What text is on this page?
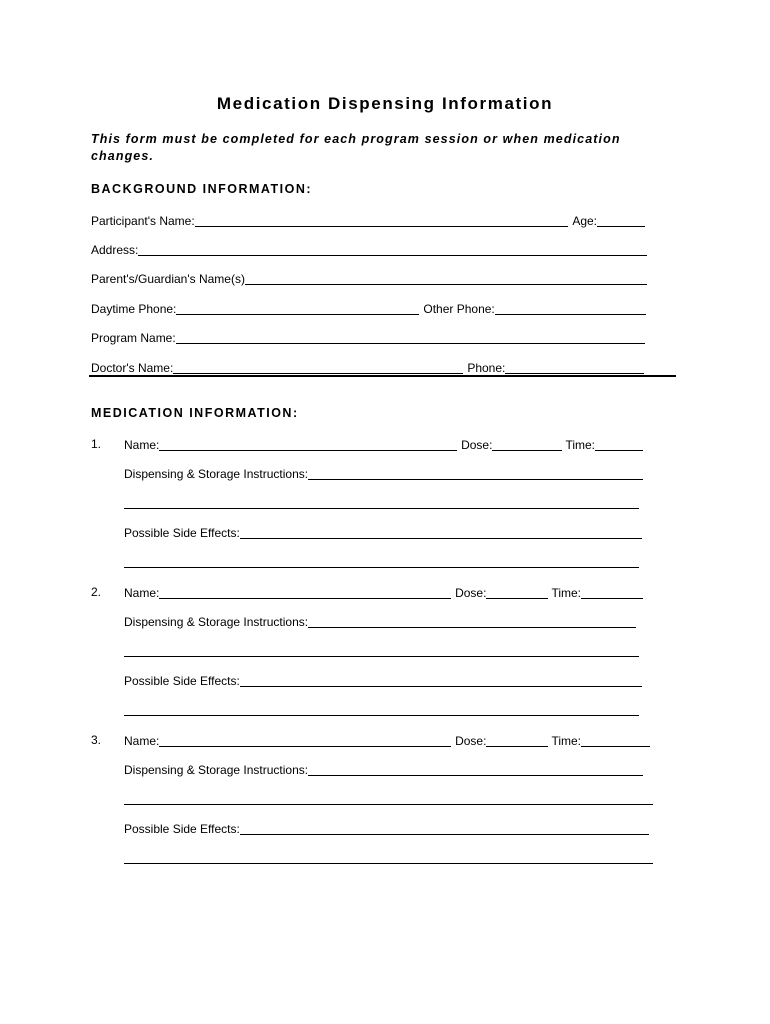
Medication Dispensing Information
This form must be completed for each program session or when medication changes.
BACKGROUND INFORMATION:
Participant's Name:	Age:
Address:
Parent's/Guardian's Name(s)
Daytime Phone:	Other Phone:
Program Name:
Doctor's Name:	Phone:
MEDICATION INFORMATION:
1. Name:	Dose:	Time:
Dispensing & Storage Instructions:
Possible Side Effects:
2. Name:	Dose:	Time:
Dispensing & Storage Instructions:
Possible Side Effects:
3. Name:	Dose:	Time:
Dispensing & Storage Instructions:
Possible Side Effects:
